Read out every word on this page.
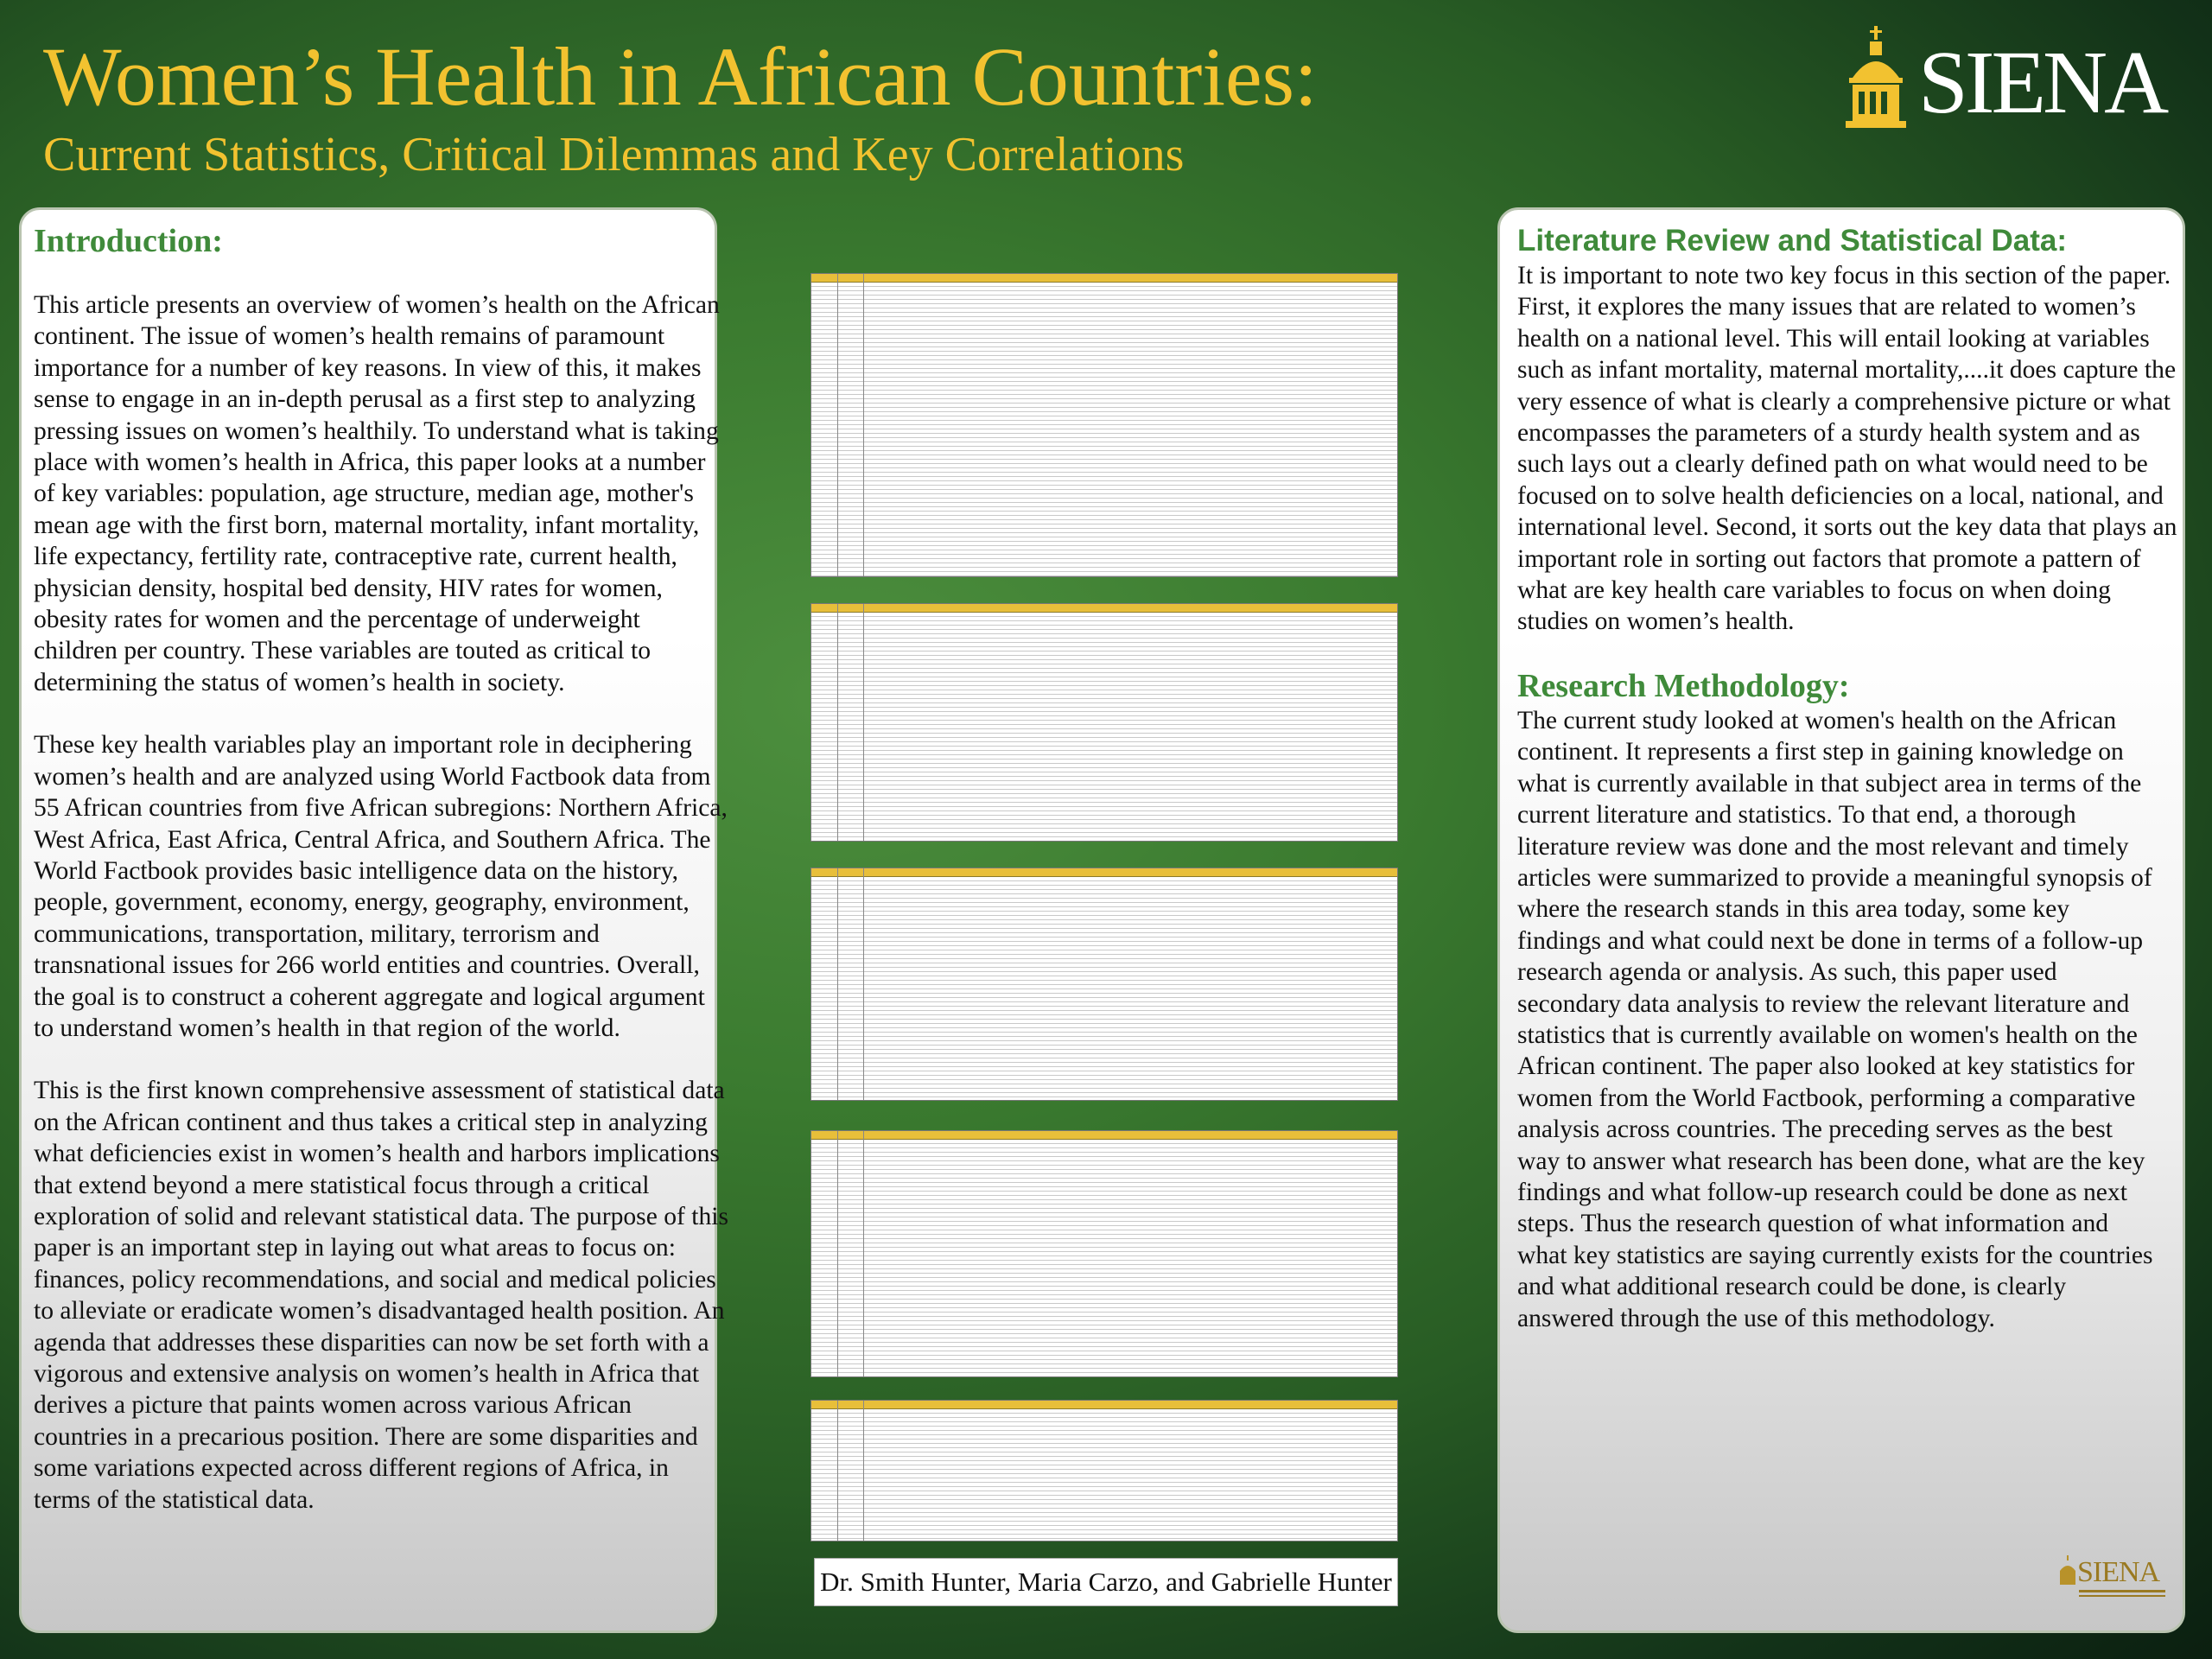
Women’s Health in African Countries:
Current Statistics, Critical Dilemmas and Key Correlations
SIENA
Introduction:

This article presents an overview of women’s health on the African continent. The issue of women’s health remains of paramount importance for a number of key reasons. In view of this, it makes sense to engage in an in-depth perusal as a first step to analyzing pressing issues on women’s healthily. To understand what is taking place with women’s health in Africa, this paper looks at a number of key variables: population, age structure, median age, mother's mean age with the first born, maternal mortality, infant mortality, life expectancy, fertility rate, contraceptive rate, current health, physician density, hospital bed density, HIV rates for women, obesity rates for women and the percentage of underweight children per country. These variables are touted as critical to determining the status of women’s health in society.

These key health variables play an important role in deciphering women’s health and are analyzed using World Factbook data from 55 African countries from five African subregions: Northern Africa, West Africa, East Africa, Central Africa, and Southern Africa. The World Factbook provides basic intelligence data on the history, people, government, economy, energy, geography, environment, communications, transportation, military, terrorism and transnational issues for 266 world entities and countries. Overall, the goal is to construct a coherent aggregate and logical argument to understand women’s health in that region of the world.

This is the first known comprehensive assessment of statistical data on the African continent and thus takes a critical step in analyzing what deficiencies exist in women’s health and harbors implications that extend beyond a mere statistical focus through a critical exploration of solid and relevant statistical data. The purpose of this paper is an important step in laying out what areas to focus on: finances, policy recommendations, and social and medical policies to alleviate or eradicate women’s disadvantaged health position. An agenda that addresses these disparities can now be set forth with a vigorous and extensive analysis on women’s health in Africa that derives a picture that paints women across various African countries in a precarious position. There are some disparities and some variations expected across different regions of Africa, in terms of the statistical data.

Dr. Smith Hunter, Maria Carzo, and Gabrielle Hunter
Literature Review and Statistical Data:

It is important to note two key focus in this section of the paper. First, it explores the many issues that are related to women’s health on a national level. This will entail looking at variables such as infant mortality, maternal mortality,....it does capture the very essence of what is clearly a comprehensive picture or what encompasses the parameters of a sturdy health system and as such lays out a clearly defined path on what would need to be focused on to solve health deficiencies on a local, national, and international level. Second, it sorts out the key data that plays an important role in sorting out factors that promote a pattern of what are key health care variables to focus on when doing studies on women’s health.

Research Methodology:

The current study looked at women's health on the African continent. It represents a first step in gaining knowledge on what is currently available in that subject area in terms of the current literature and statistics. To that end, a thorough literature review was done and the most relevant and timely articles were summarized to provide a meaningful synopsis of where the research stands in this area today, some key findings and what could next be done in terms of a follow-up research agenda or analysis. As such, this paper used secondary data analysis to review the relevant literature and statistics that is currently available on women's health on the African continent. The paper also looked at key statistics for women from the World Factbook, performing a comparative analysis across countries. The preceding serves as the best way to answer what research has been done, what are the key findings and what follow-up research could be done as next steps. Thus the research question of what information and what key statistics are saying currently exists for the countries and what additional research could be done, is clearly answered through the use of this methodology.

SIENA
